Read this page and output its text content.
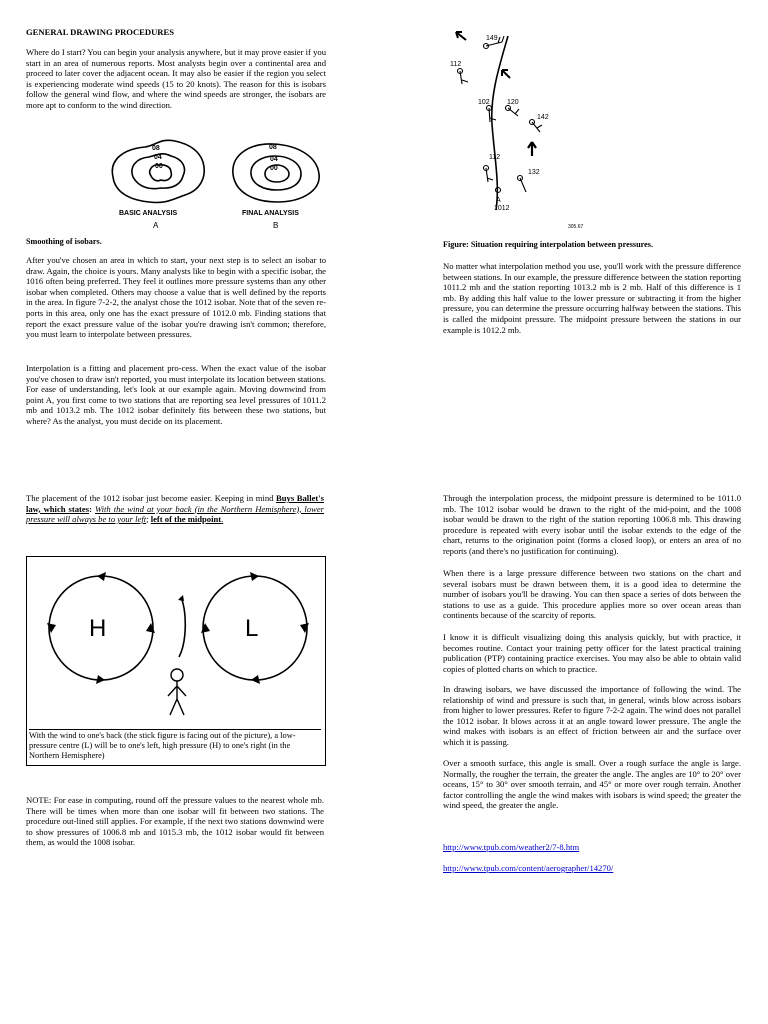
GENERAL DRAWING PROCEDURES

Where do I start? You can begin your analysis anywhere, but it may prove easier if you start in an area of numerous reports. Most analysts begin over a continental area and proceed to later cover the adjacent ocean. It may also be easier if the region you select is experiencing moderate wind speeds (15 to 20 knots). The reason for this is isobars follow the general wind flow, and where the wind speeds are stronger, the isobars are more apt to conform to the wind direction.

08
04
00
BASIC ANALYSIS
A
08
04
00
FINAL ANALYSIS
B

Smoothing of isobars.

After you've chosen an area in which to start, your next step is to select an isobar to draw. Again, the choice is yours. Many analysts like to begin with a specific isobar, the 1016 often being preferred. They feel it outlines more pressure systems than any other isobar when completed. Others may choose a value that is well defined by the reports in the area. In figure 7-2-2, the analyst chose the 1012 isobar. Note that of the seven re-ports in this area, only one has the exact pressure of 1012.0 mb. Finding stations that report the exact pressure value of the isobar you're drawing isn't common; therefore, you must learn to interpolate between pressures.

Interpolation is a fitting and placement pro-cess. When the exact value of the isobar you've chosen to draw isn't reported, you must interpolate its location between stations. For ease of understanding, let's look at our example again. Moving downwind from point A, you first come to two stations that are reporting sea level pressures of 1011.2 mb and 1013.2 mb. The 1012 isobar definitely fits between these two stations, but where? As the analyst, you must decide on its placement.

149
112
102 120
142
112
132
A
1012
305.67

Figure: Situation requiring interpolation between pressures.

No matter what interpolation method you use, you'll work with the pressure difference between stations. In our example, the pressure difference between the station reporting 1011.2 mb and the station reporting 1013.2 mb is 2 mb. Half of this difference is 1 mb. By adding this half value to the lower pressure or subtracting it from the higher pressure, you can determine the pressure occurring halfway between the stations. This is called the midpoint pressure. The midpoint pressure between the stations in our example is 1012.2 mb.

The placement of the 1012 isobar just become easier. Keeping in mind Buys Ballet's law, which states: With the wind at your back (in the Northern Hemisphere), lower pressure will always be to your left; left of the midpoint.

H	L

With the wind to one's back (the stick figure is facing out of the picture), a low-pressure centre (L) will be to one's left, high pressure (H) to one's right (in the Northern Hemisphere)

NOTE: For ease in computing, round off the pressure values to the nearest whole mb. There will be times when more than one isobar will fit between two stations. The procedure out-lined still applies. For example, if the next two stations downwind were to show pressures of 1006.8 mb and 1015.3 mb, the 1012 isobar would fit between them, as would the 1008 isobar.

Through the interpolation process, the midpoint pressure is determined to be 1011.0 mb. The 1012 isobar would be drawn to the right of the mid-point, and the 1008 isobar would be drawn to the right of the station reporting 1006.8 mb. This drawing procedure is repeated with every isobar until the isobar extends to the edge of the chart, returns to the origination point (forms a closed loop), or enters an area of no reports (and there's no justification for continuing).

When there is a large pressure difference between two stations on the chart and several isobars must be drawn between them, it is a good idea to determine the number of isobars you'll be drawing. You can then space a series of dots between the stations to use as a guide. This procedure applies more so over ocean areas than continents because of the scarcity of reports.

I know it is difficult visualizing doing this analysis quickly, but with practice, it becomes routine. Contact your training petty officer for the latest practical training publication (PTP) containing practice exercises. You may also be able to obtain valid copies of plotted charts on which to practice.

In drawing isobars, we have discussed the importance of following the wind. The relationship of wind and pressure is such that, in general, winds blow across isobars from higher to lower pressures. Refer to figure 7-2-2 again. The wind does not parallel the 1012 isobar. It blows across it at an angle toward lower pressure. The angle the wind makes with isobars is an effect of friction between air and the surface over which it is passing.

Over a smooth surface, this angle is small. Over a rough surface the angle is large. Normally, the rougher the terrain, the greater the angle. The angles are 10° to 20° over oceans, 15° to 30° over smooth terrain, and 45° or more over rough terrain. Another factor controlling the angle the wind makes with isobars is wind speed; the greater the wind speed, the greater the angle.

http://www.tpub.com/weather2/7-8.htm
http://www.tpub.com/content/aerographer/14270/
